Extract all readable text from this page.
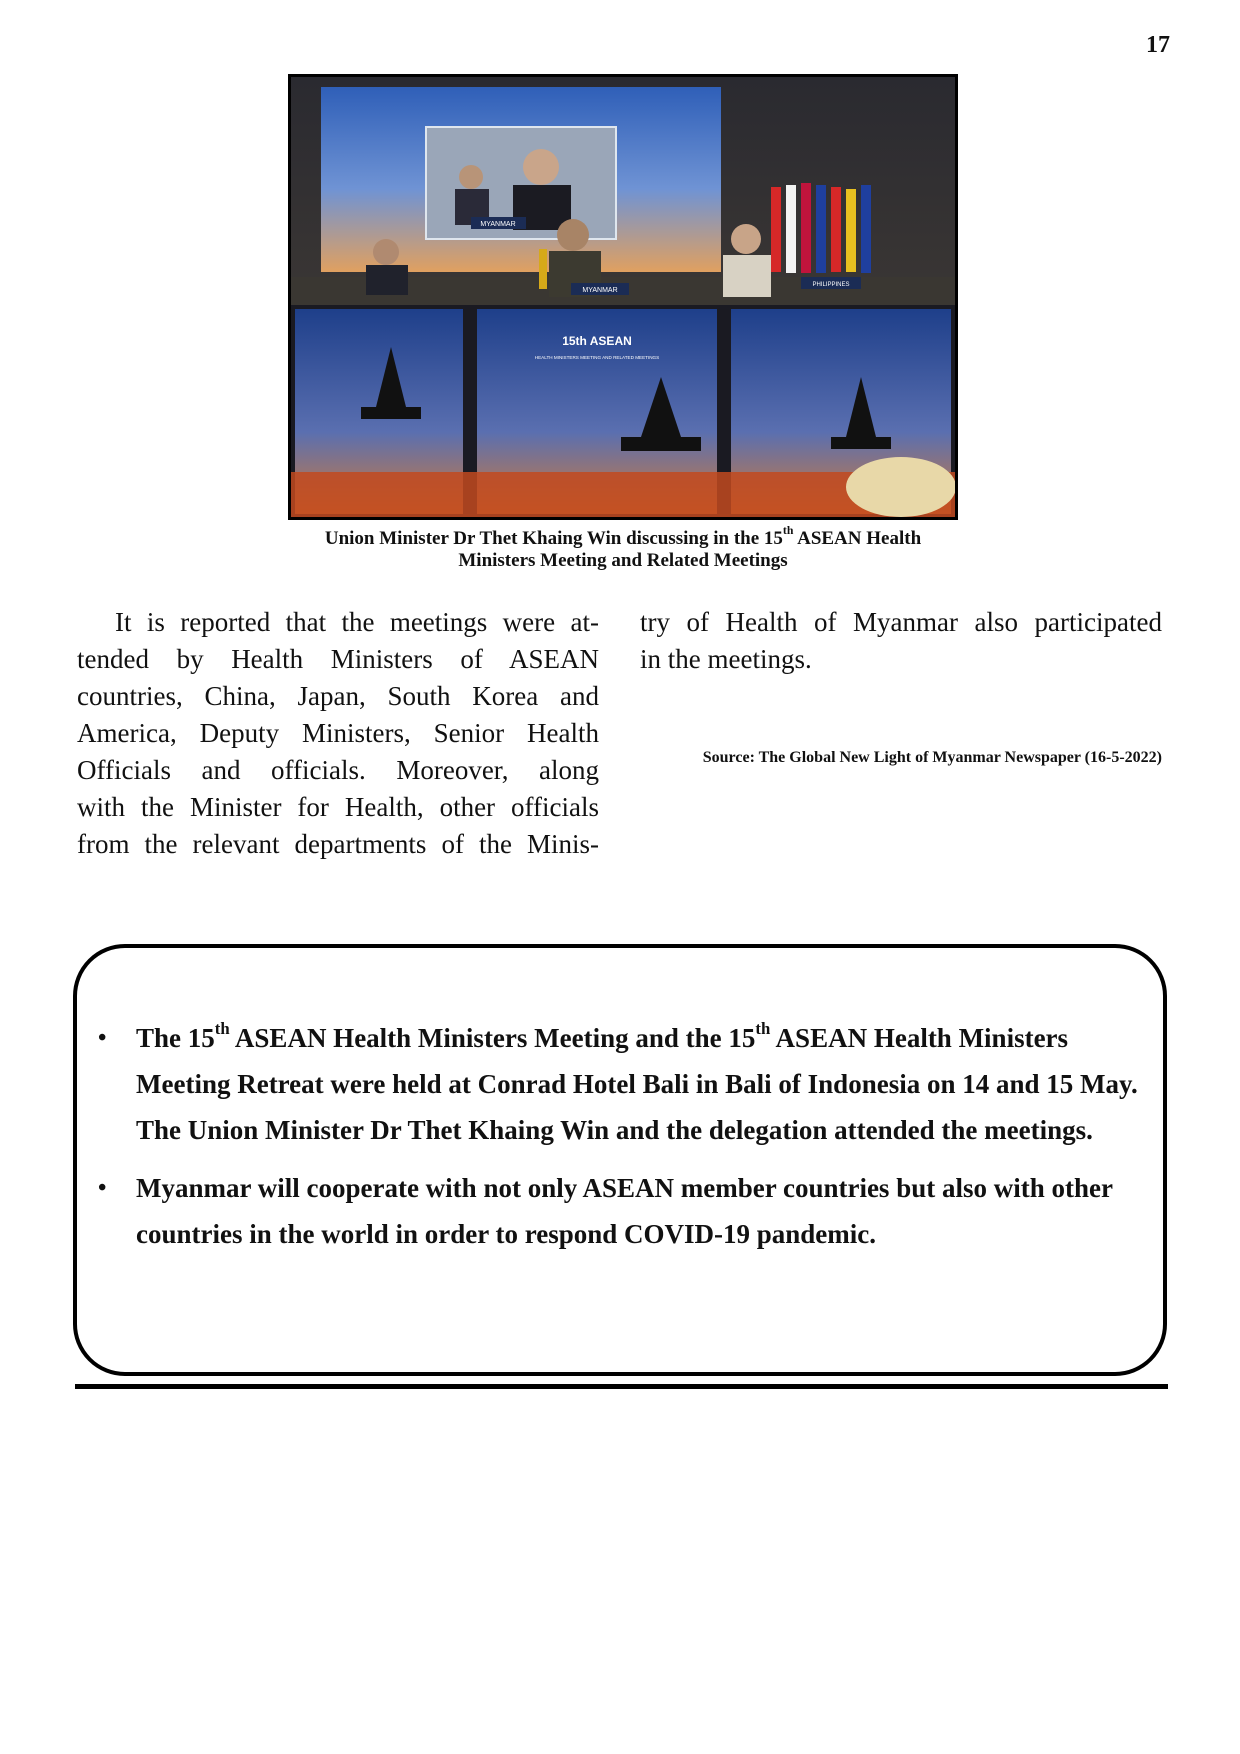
17
MYANMAR
MYANMAR
PHILIPPINES
15th ASEAN
HEALTH MINISTERS MEETING AND RELATED MEETINGS
Union Minister Dr Thet Khaing Win discussing in the 15th ASEAN Health
Ministers Meeting and Related Meetings
It is reported that the meetings were at-
tended by Health Ministers of ASEAN
countries, China, Japan, South Korea and
America, Deputy Ministers, Senior Health
Officials and officials. Moreover, along
with the Minister for Health, other officials
from the relevant departments of the Minis-
try of Health of Myanmar also participated
in the meetings.
Source: The Global New Light of Myanmar Newspaper (16-5-2022)
• The 15th ASEAN Health Ministers Meeting and the 15th ASEAN Health Ministers Meeting Retreat were held at Conrad Hotel Bali in Bali of Indonesia on 14 and 15 May. The Union Minister Dr Thet Khaing Win and the delegation attended the meetings.
• Myanmar will cooperate with not only ASEAN member countries but also with other countries in the world in order to respond COVID-19 pandemic.
